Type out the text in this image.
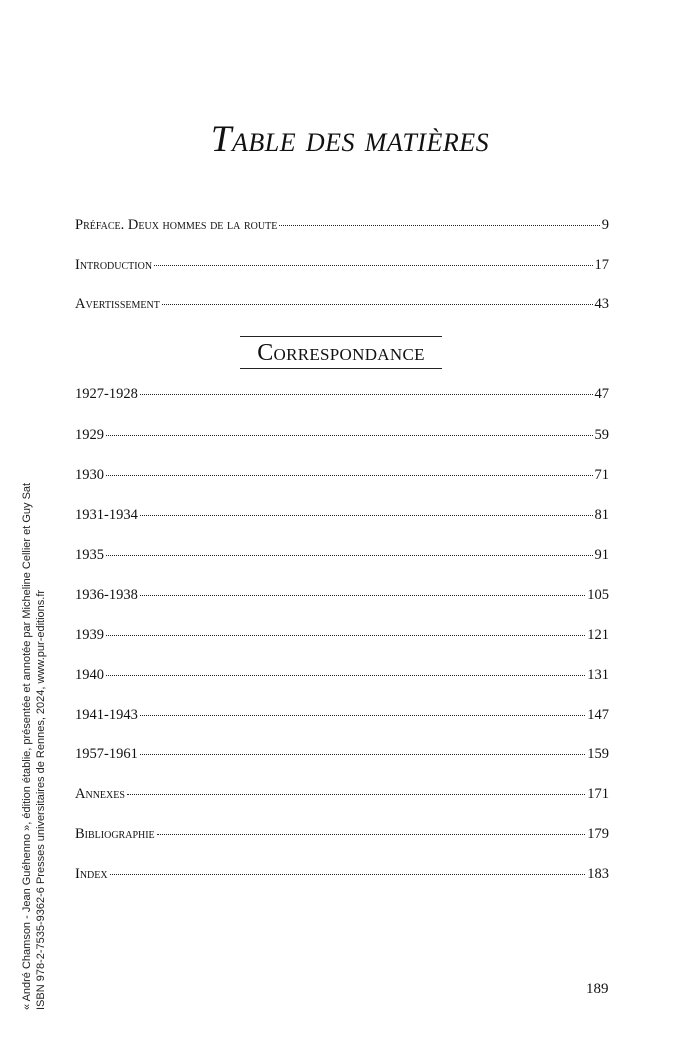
Table des matières
Préface. Deux hommes de la route	9
Introduction	17
Avertissement	43
Correspondance
1927-1928	47
1929	59
1930	71
1931-1934	81
1935	91
1936-1938	105
1939	121
1940	131
1941-1943	147
1957-1961	159
Annexes	171
Bibliographie	179
Index	183
« André Chamson - Jean Guéhenno », édition établie, présentée et annotée par Micheline Cellier et Guy Sat ISBN 978-2-7535-9362-6 Presses universitaires de Rennes, 2024, www.pur-editions.fr	189
